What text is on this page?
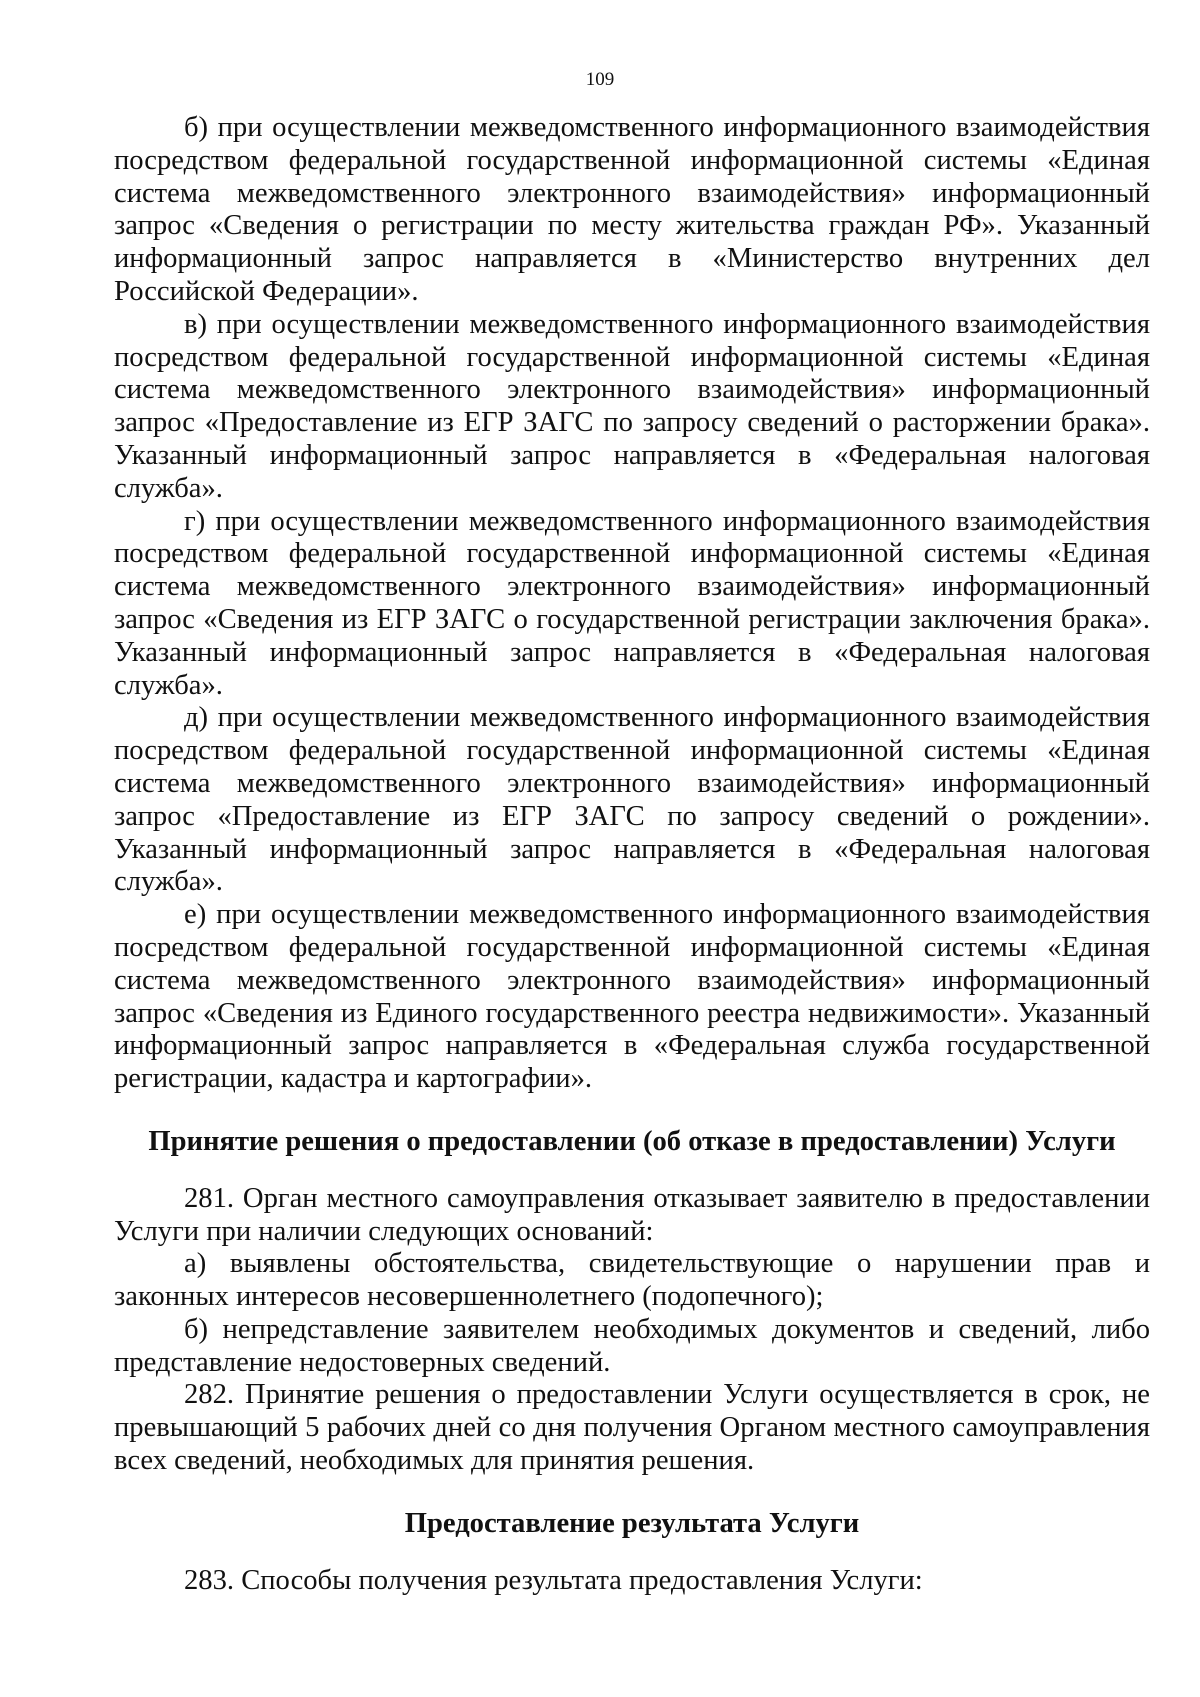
109

б) при осуществлении межведомственного информационного взаимодействия посредством федеральной государственной информационной системы «Единая система межведомственного электронного взаимодействия» информационный запрос «Сведения о регистрации по месту жительства граждан РФ». Указанный информационный запрос направляется в «Министерство внутренних дел Российской Федерации».

в) при осуществлении межведомственного информационного взаимодействия посредством федеральной государственной информационной системы «Единая система межведомственного электронного взаимодействия» информационный запрос «Предоставление из ЕГР ЗАГС по запросу сведений о расторжении брака». Указанный информационный запрос направляется в «Федеральная налоговая служба».

г) при осуществлении межведомственного информационного взаимодействия посредством федеральной государственной информационной системы «Единая система межведомственного электронного взаимодействия» информационный запрос «Сведения из ЕГР ЗАГС о государственной регистрации заключения брака». Указанный информационный запрос направляется в «Федеральная налоговая служба».

д) при осуществлении межведомственного информационного взаимодействия посредством федеральной государственной информационной системы «Единая система межведомственного электронного взаимодействия» информационный запрос «Предоставление из ЕГР ЗАГС по запросу сведений о рождении». Указанный информационный запрос направляется в «Федеральная налоговая служба».

е) при осуществлении межведомственного информационного взаимодействия посредством федеральной государственной информационной системы «Единая система межведомственного электронного взаимодействия» информационный запрос «Сведения из Единого государственного реестра недвижимости». Указанный информационный запрос направляется в «Федеральная служба государственной регистрации, кадастра и картографии».

Принятие решения о предоставлении (об отказе в предоставлении) Услуги

281. Орган местного самоуправления отказывает заявителю в предоставлении Услуги при наличии следующих оснований:

а) выявлены обстоятельства, свидетельствующие о нарушении прав и законных интересов несовершеннолетнего (подопечного);

б) непредставление заявителем необходимых документов и сведений, либо представление недостоверных сведений.

282. Принятие решения о предоставлении Услуги осуществляется в срок, не превышающий 5 рабочих дней со дня получения Органом местного самоуправления всех сведений, необходимых для принятия решения.

Предоставление результата Услуги

283. Способы получения результата предоставления Услуги:
